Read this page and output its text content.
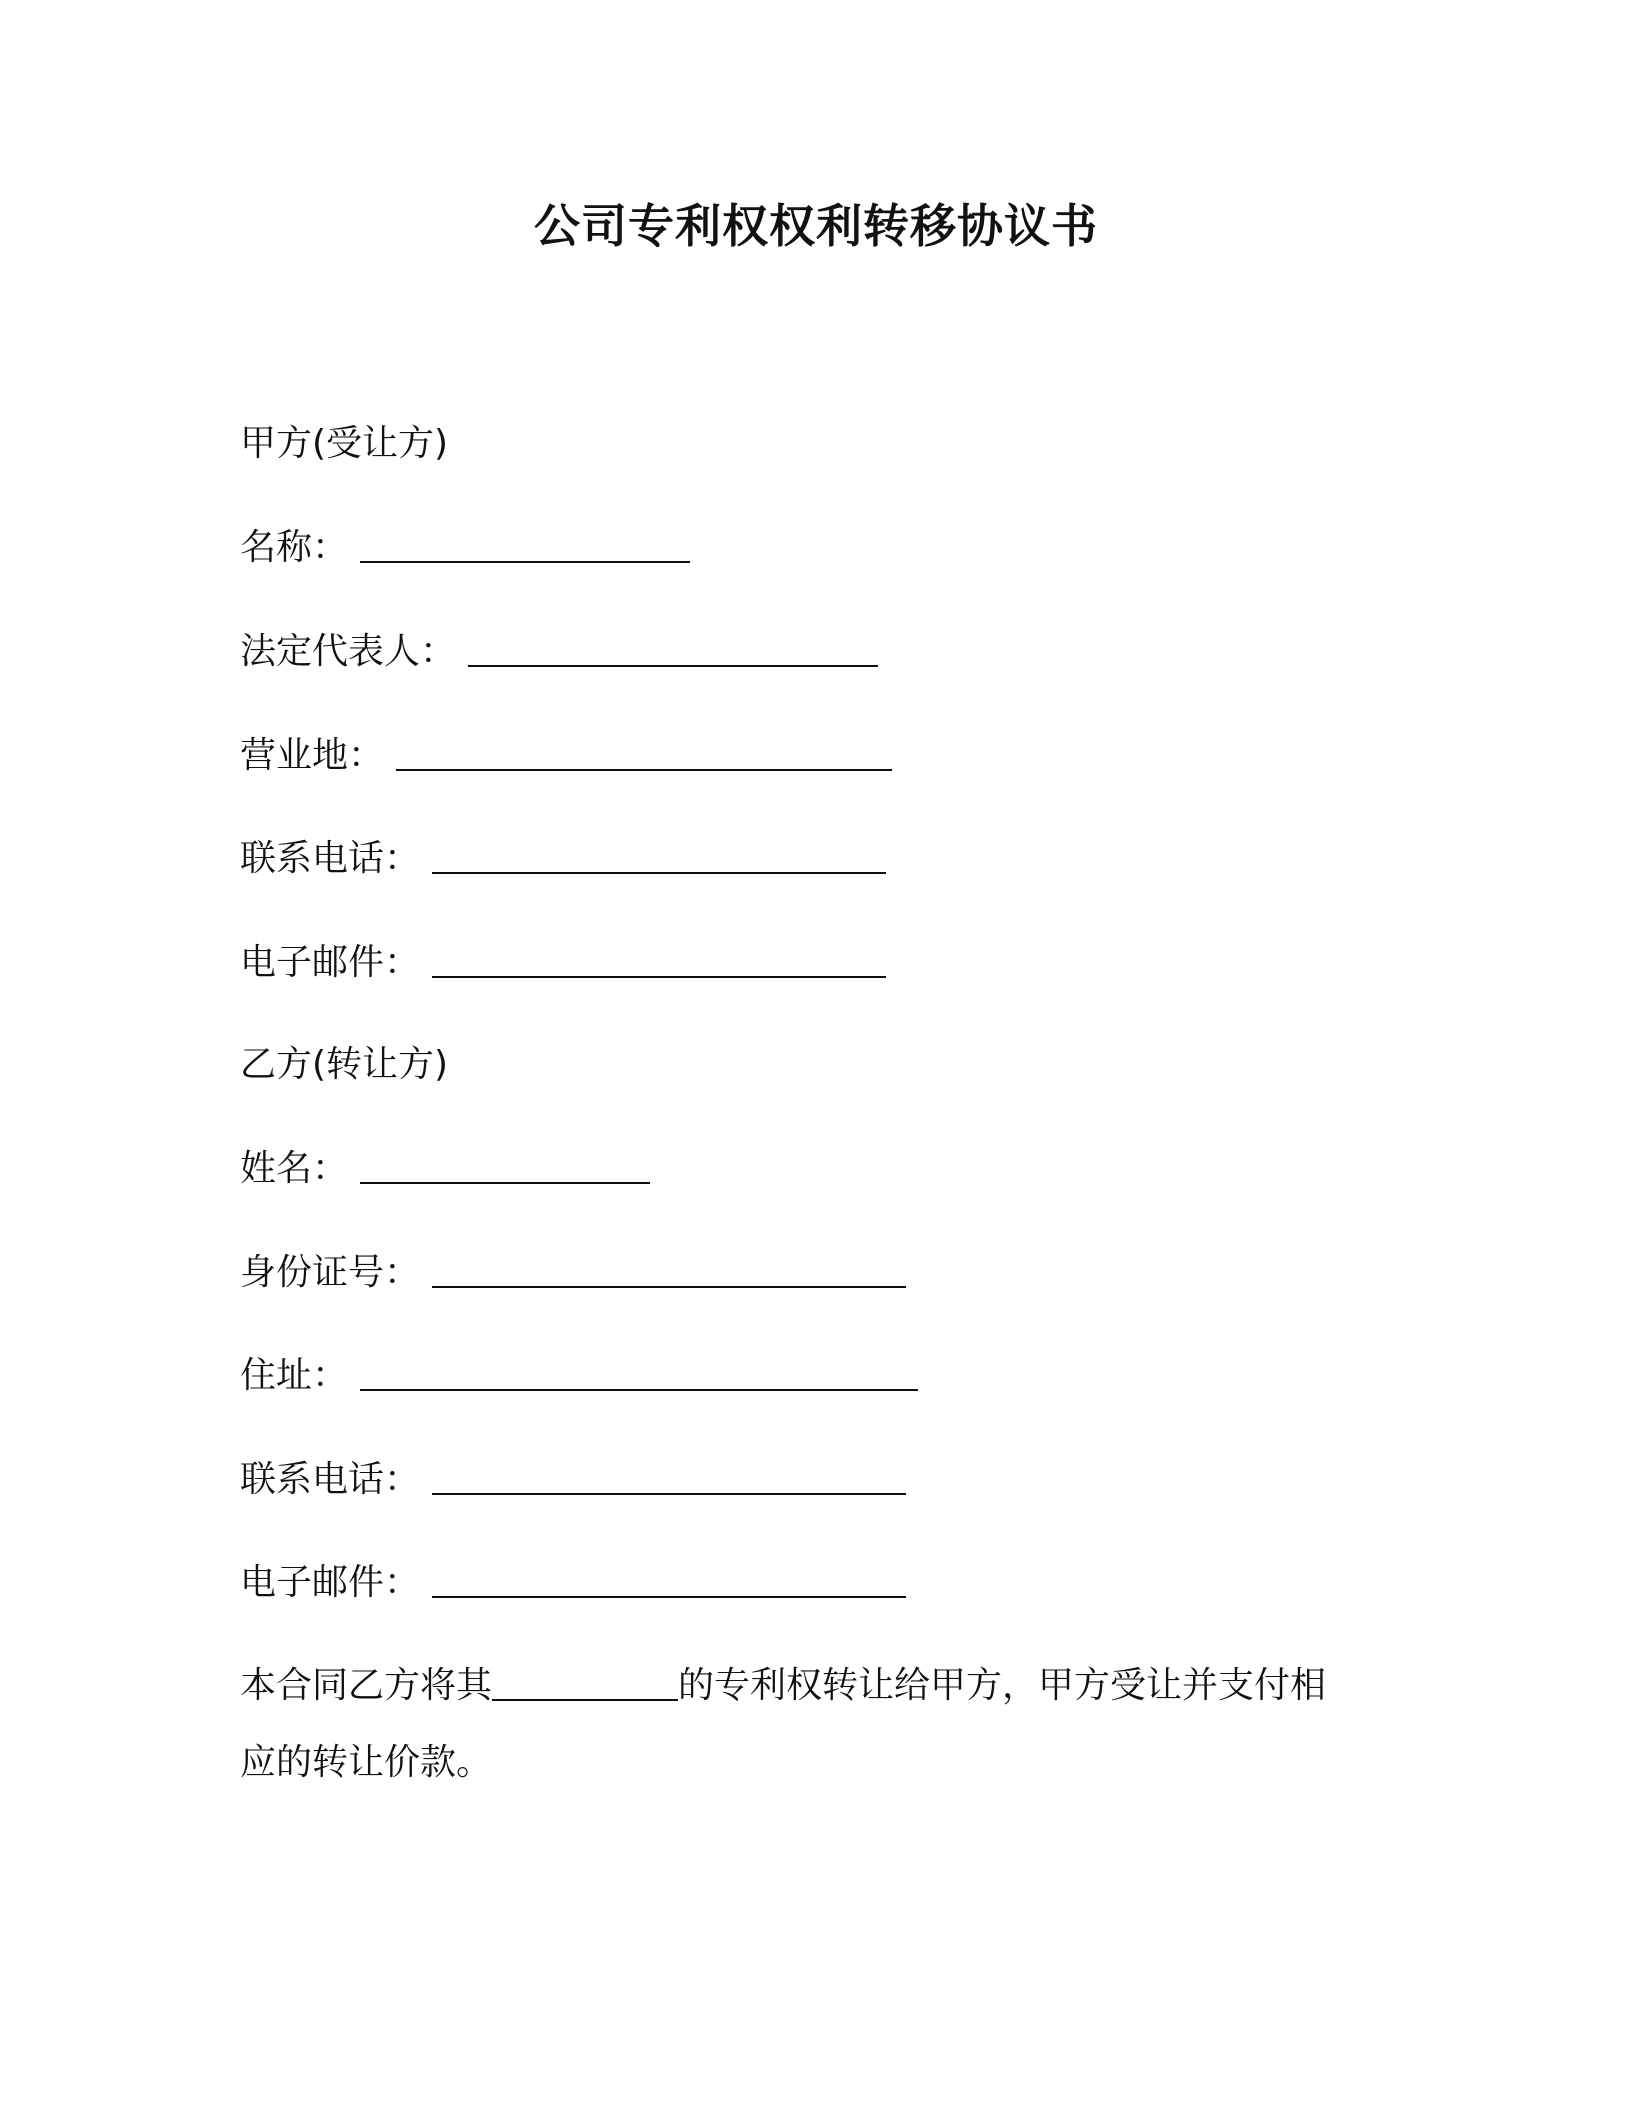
公司专利权权利转移协议书
甲方(受让方)
名称：
法定代表人：
营业地：
联系电话：
电子邮件：
乙方(转让方)
姓名：
身份证号：
住址：
联系电话：
电子邮件：
本合同乙方将其	的专利权转让给甲方，甲方受让并支付相
应的转让价款。
